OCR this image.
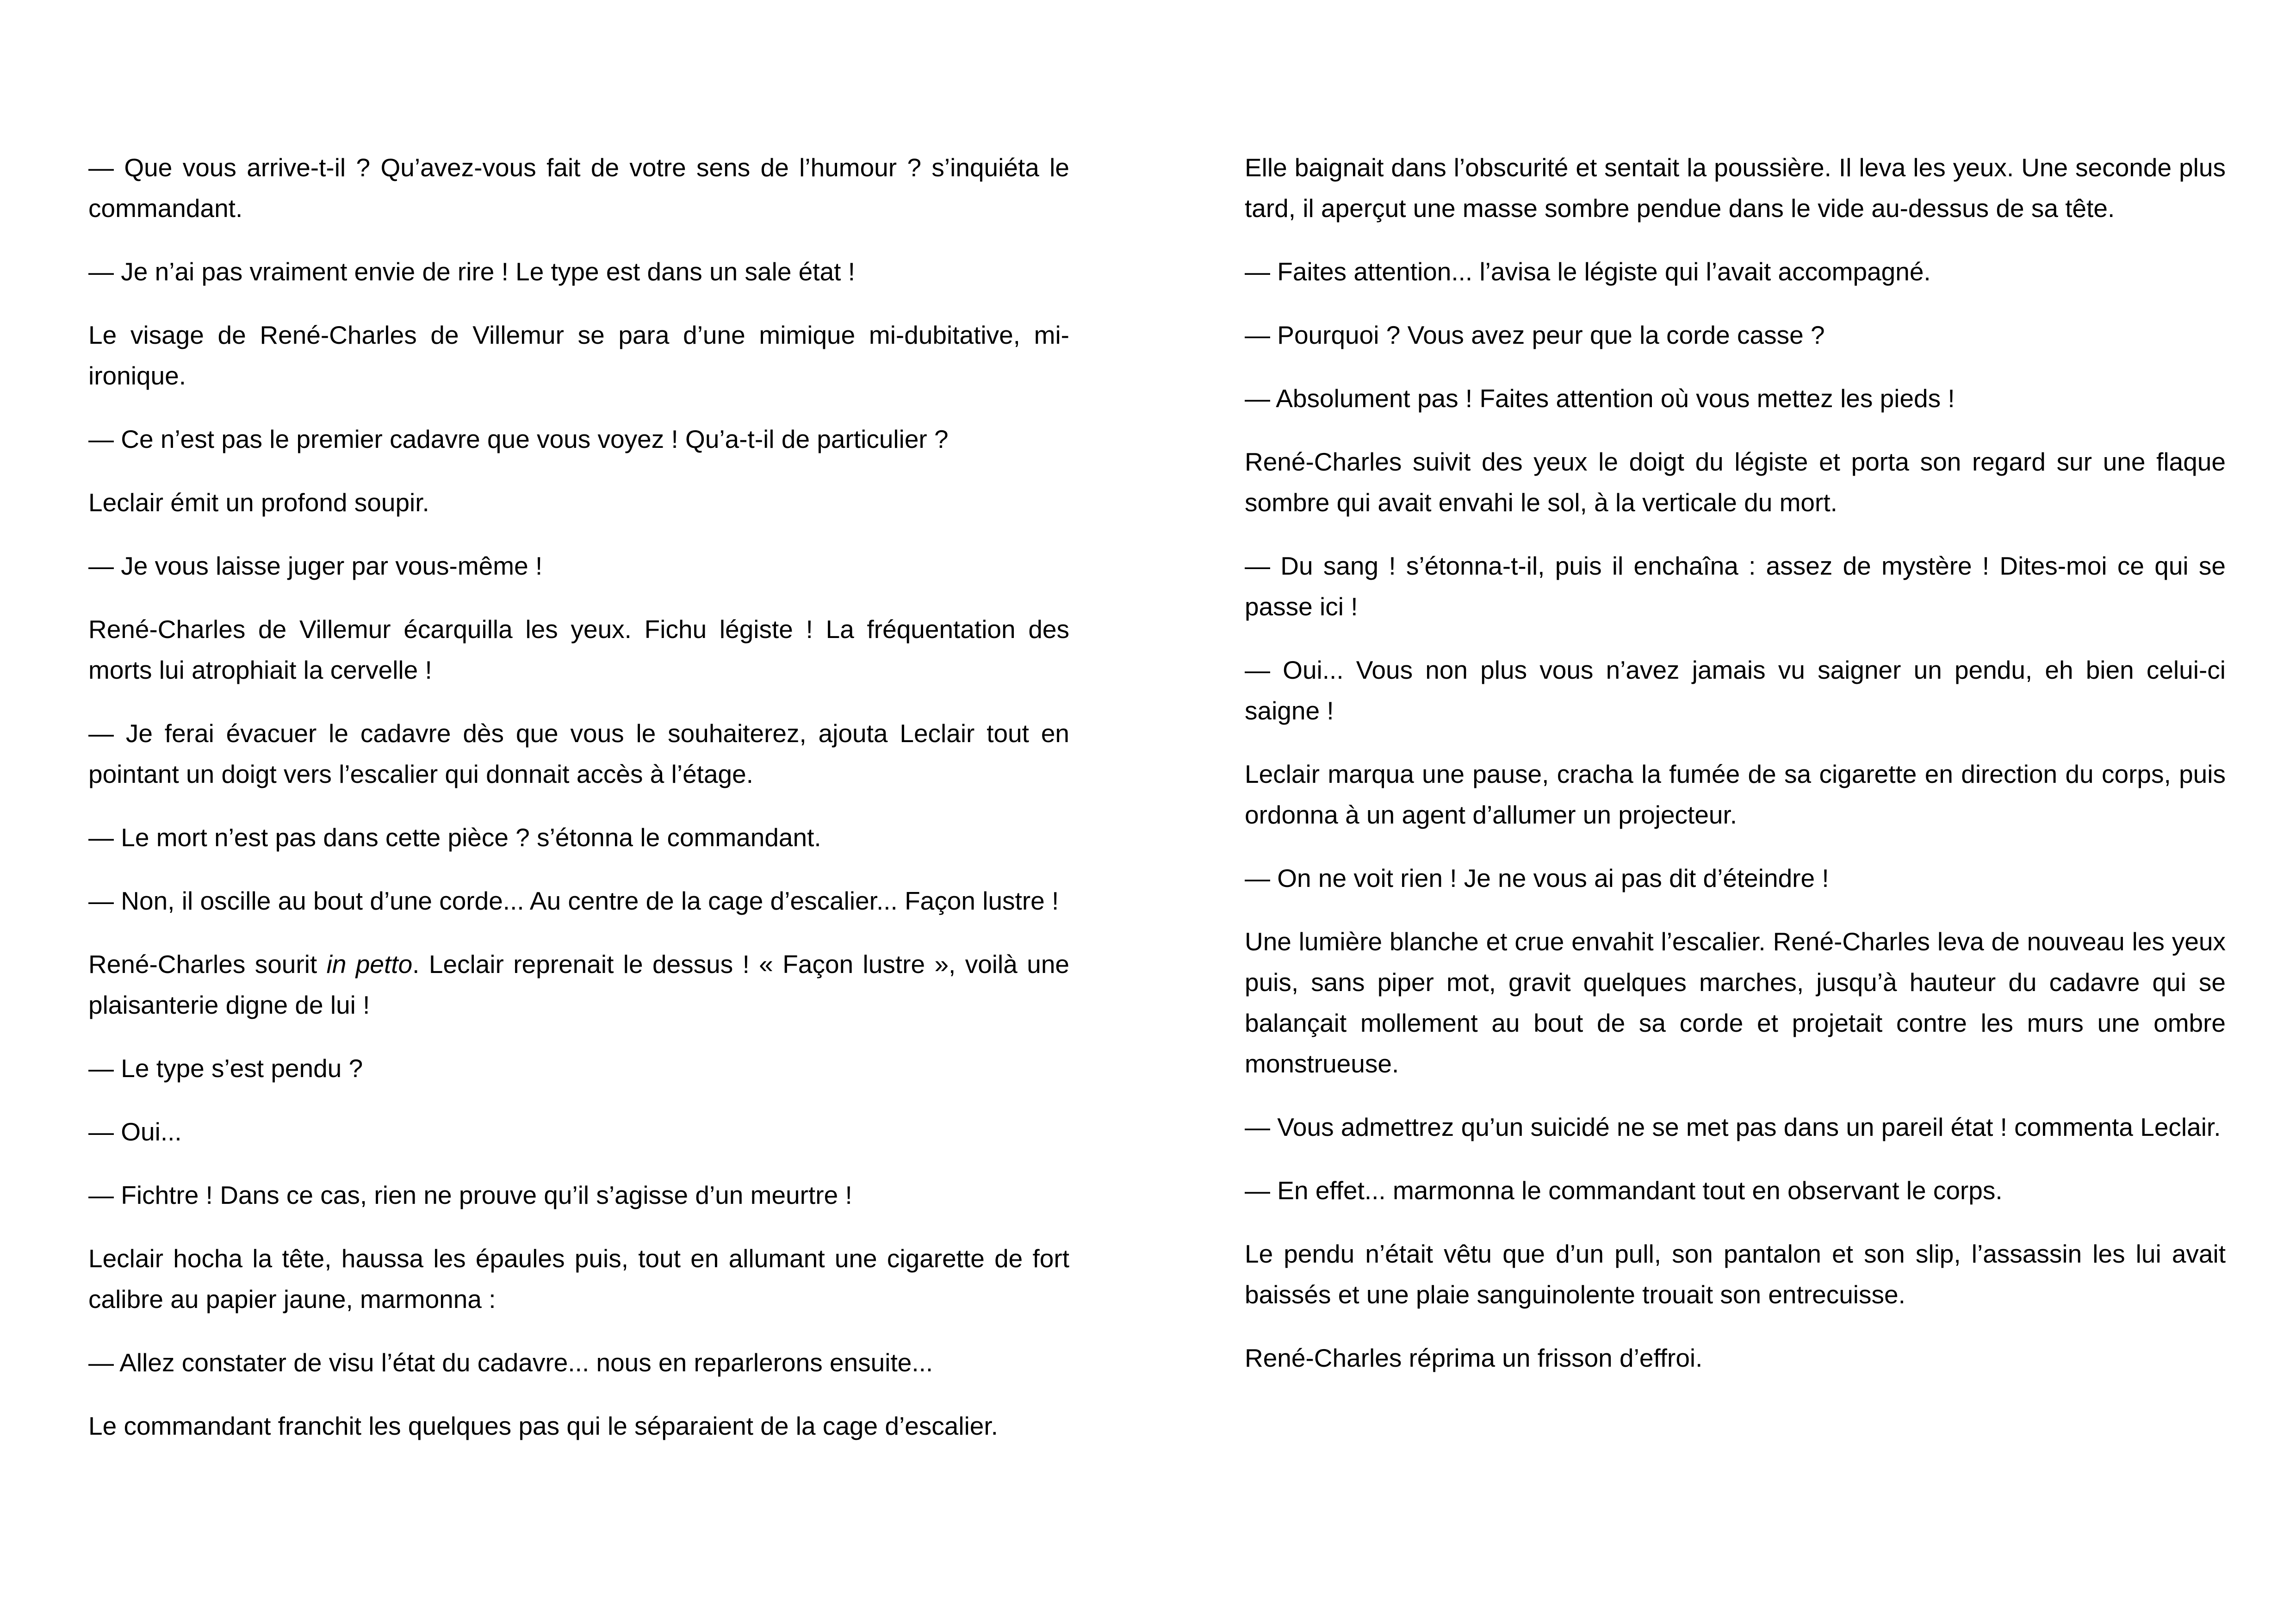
— Que vous arrive-t-il ? Qu’avez-vous fait de votre sens de l’humour ? s’inquiéta le commandant.

— Je n’ai pas vraiment envie de rire ! Le type est dans un sale état !

Le visage de René-Charles de Villemur se para d’une mimique mi-dubitative, mi-ironique.

— Ce n’est pas le premier cadavre que vous voyez ! Qu’a-t-il de particulier ?

Leclair émit un profond soupir.

— Je vous laisse juger par vous-même !

René-Charles de Villemur écarquilla les yeux. Fichu légiste ! La fréquentation des morts lui atrophiait la cervelle !

— Je ferai évacuer le cadavre dès que vous le souhaiterez, ajouta Leclair tout en pointant un doigt vers l’escalier qui donnait accès à l’étage.

— Le mort n’est pas dans cette pièce ? s’étonna le commandant.

— Non, il oscille au bout d’une corde... Au centre de la cage d’escalier... Façon lustre !

René-Charles sourit in petto. Leclair reprenait le dessus ! « Façon lustre », voilà une plaisanterie digne de lui !

— Le type s’est pendu ?

— Oui...

— Fichtre ! Dans ce cas, rien ne prouve qu’il s’agisse d’un meurtre !

Leclair hocha la tête, haussa les épaules puis, tout en allumant une cigarette de fort calibre au papier jaune, marmonna :

— Allez constater de visu l’état du cadavre... nous en reparlerons ensuite...

Le commandant franchit les quelques pas qui le séparaient de la cage d’escalier.

Elle baignait dans l’obscurité et sentait la poussière. Il leva les yeux. Une seconde plus tard, il aperçut une masse sombre pendue dans le vide au-dessus de sa tête.

— Faites attention... l’avisa le légiste qui l’avait accompagné.

— Pourquoi ? Vous avez peur que la corde casse ?

— Absolument pas ! Faites attention où vous mettez les pieds !

René-Charles suivit des yeux le doigt du légiste et porta son regard sur une flaque sombre qui avait envahi le sol, à la verticale du mort.

— Du sang ! s’étonna-t-il, puis il enchaîna : assez de mystère ! Dites-moi ce qui se passe ici !

— Oui... Vous non plus vous n’avez jamais vu saigner un pendu, eh bien celui-ci saigne !

Leclair marqua une pause, cracha la fumée de sa cigarette en direction du corps, puis ordonna à un agent d’allumer un projecteur.

— On ne voit rien ! Je ne vous ai pas dit d’éteindre !

Une lumière blanche et crue envahit l’escalier. René-Charles leva de nouveau les yeux puis, sans piper mot, gravit quelques marches, jusqu’à hauteur du cadavre qui se balançait mollement au bout de sa corde et projetait contre les murs une ombre monstrueuse.

— Vous admettrez qu’un suicidé ne se met pas dans un pareil état ! commenta Leclair.

— En effet... marmonna le commandant tout en observant le corps.

Le pendu n’était vêtu que d’un pull, son pantalon et son slip, l’assassin les lui avait baissés et une plaie sanguinolente trouait son entrecuisse.

René-Charles réprima un frisson d’effroi.
